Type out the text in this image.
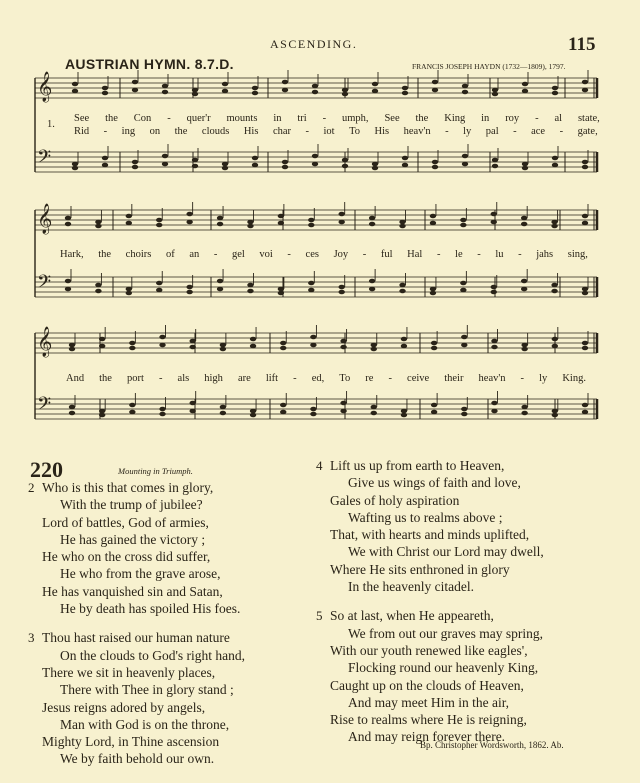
ASCENDING.	115
AUSTRIAN HYMN. 8.7.D.	FRANCIS JOSEPH HAYDN (1732—1809), 1797.
𝄞
𝄢
𝄞
𝄢
𝄞
𝄢
See the Con - quer'r mounts in tri - umph, See the King in roy - al state,
1.
Rid - ing on the clouds His char - iot To His heav'n - ly pal - ace - gate,
Hark, the choirs of an - gel voi - ces Joy - ful Hal - le - lu - jahs sing,
And the port - als high are lift - ed, To re - ceive their heav'n - ly King.
220	Mounting in Triumph.
2 Who is this that comes in glory,
With the trump of jubilee?
Lord of battles, God of armies,
He has gained the victory ;
He who on the cross did suffer,
He who from the grave arose,
He has vanquished sin and Satan,
He by death has spoiled His foes.
3 Thou hast raised our human nature
On the clouds to God's right hand,
There we sit in heavenly places,
There with Thee in glory stand ;
Jesus reigns adored by angels,
Man with God is on the throne,
Mighty Lord, in Thine ascension
We by faith behold our own.
4 Lift us up from earth to Heaven,
Give us wings of faith and love,
Gales of holy aspiration
Wafting us to realms above ;
That, with hearts and minds uplifted,
We with Christ our Lord may dwell,
Where He sits enthroned in glory
In the heavenly citadel.
5 So at last, when He appeareth,
We from out our graves may spring,
With our youth renewed like eagles',
Flocking round our heavenly King,
Caught up on the clouds of Heaven,
And may meet Him in the air,
Rise to realms where He is reigning,
And may reign forever there.
Bp. Christopher Wordsworth, 1862. Ab.
